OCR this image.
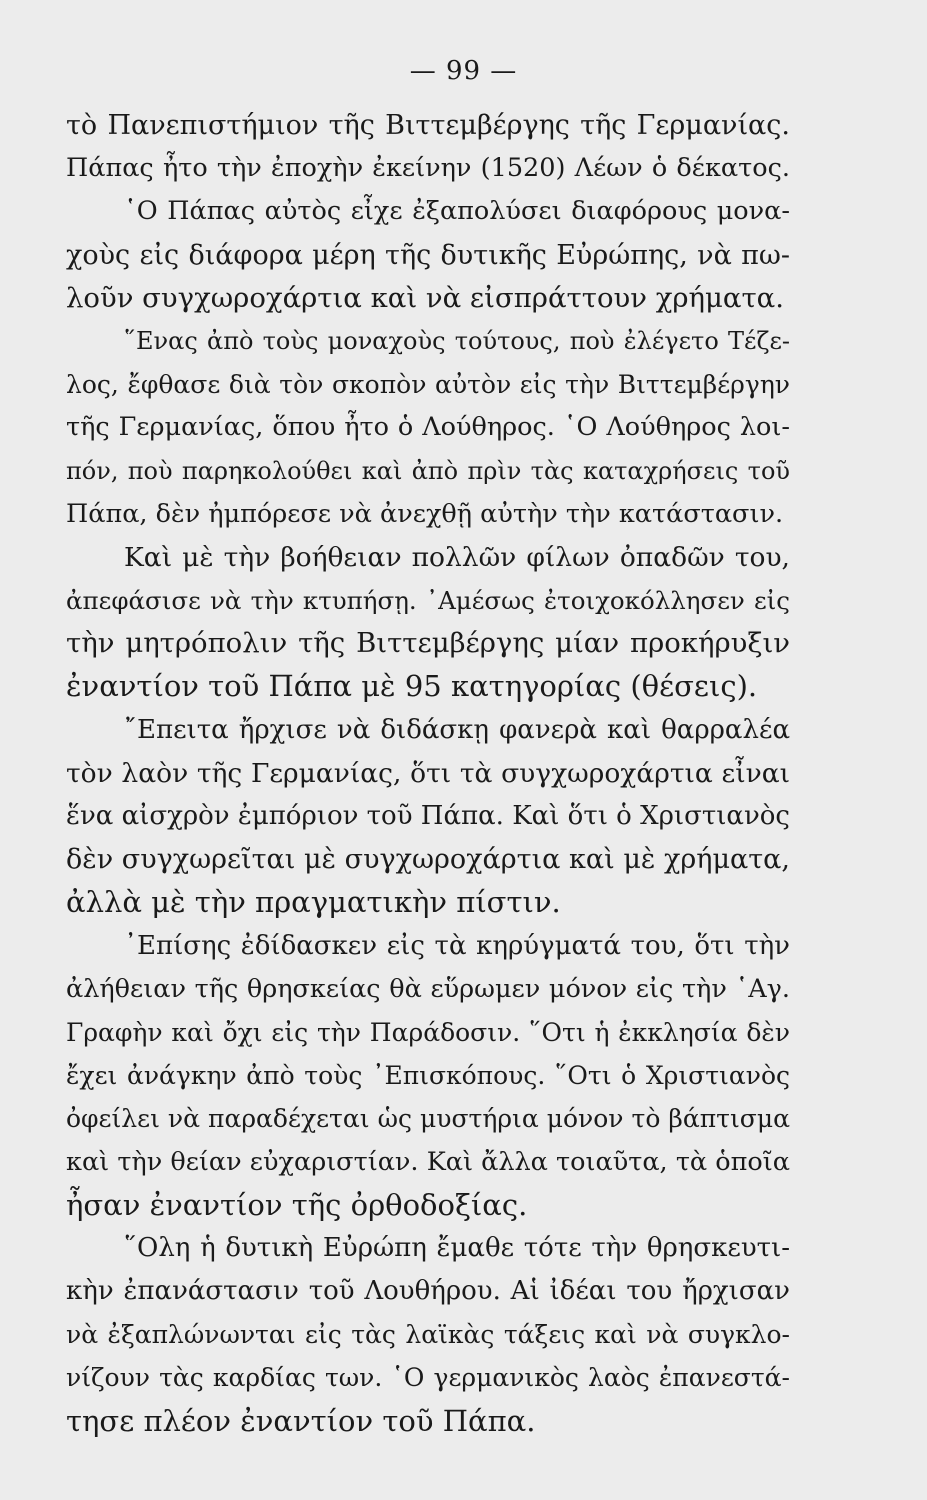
— 99 —
τὸ Πανεπιστήμιον τῆς Βιττεμβέργης τῆς Γερμανίας.
Πάπας ἦτο τὴν ἐποχὴν ἐκείνην (1520) Λέων ὁ δέκατος.
῾Ο Πάπας αὐτὸς εἶχε ἐξαπολύσει διαφόρους μονα-
χοὺς εἰς διάφορα μέρη τῆς δυτικῆς Εὐρώπης, νὰ πω-
λοῦν συγχωροχάρτια καὶ νὰ εἰσπράττουν χρήματα.
῞Ενας ἀπὸ τοὺς μοναχοὺς τούτους, ποὺ ἐλέγετο Τέζε-
λος, ἔφθασε διὰ τὸν σκοπὸν αὐτὸν εἰς τὴν Βιττεμβέργην
τῆς Γερμανίας, ὅπου ἦτο ὁ Λούθηρος. ῾Ο Λούθηρος λοι-
πόν, ποὺ παρηκολούθει καὶ ἀπὸ πρὶν τὰς καταχρήσεις τοῦ
Πάπα, δὲν ἠμπόρεσε νὰ ἀνεχθῇ αὐτὴν τὴν κατάστασιν.
Καὶ μὲ τὴν βοήθειαν πολλῶν φίλων ὀπαδῶν του,
ἀπεφάσισε νὰ τὴν κτυπήσῃ. ᾿Αμέσως ἐτοιχοκόλλησεν εἰς
τὴν μητρόπολιν τῆς Βιττεμβέργης μίαν προκήρυξιν
ἐναντίον τοῦ Πάπα μὲ 95 κατηγορίας (θέσεις).
῎Επειτα ἤρχισε νὰ διδάσκῃ φανερὰ καὶ θαρραλέα
τὸν λαὸν τῆς Γερμανίας, ὅτι τὰ συγχωροχάρτια εἶναι
ἕνα αἰσχρὸν ἐμπόριον τοῦ Πάπα. Καὶ ὅτι ὁ Χριστιανὸς
δὲν συγχωρεῖται μὲ συγχωροχάρτια καὶ μὲ χρήματα,
ἀλλὰ μὲ τὴν πραγματικὴν πίστιν.
᾿Επίσης ἐδίδασκεν εἰς τὰ κηρύγματά του, ὅτι τὴν
ἀλήθειαν τῆς θρησκείας θὰ εὕρωμεν μόνον εἰς τὴν ῾Αγ.
Γραφὴν καὶ ὄχι εἰς τὴν Παράδοσιν. ῞Οτι ἡ ἐκκλησία δὲν
ἔχει ἀνάγκην ἀπὸ τοὺς ᾿Επισκόπους. ῞Οτι ὁ Χριστιανὸς
ὀφείλει νὰ παραδέχεται ὡς μυστήρια μόνον τὸ βάπτισμα
καὶ τὴν θείαν εὐχαριστίαν. Καὶ ἄλλα τοιαῦτα, τὰ ὁποῖα
ἦσαν ἐναντίον τῆς ὀρθοδοξίας.
῞Ολη ἡ δυτικὴ Εὐρώπη ἔμαθε τότε τὴν θρησκευτι-
κὴν ἐπανάστασιν τοῦ Λουθήρου. Αἱ ἰδέαι του ἤρχισαν
νὰ ἐξαπλώνωνται εἰς τὰς λαϊκὰς τάξεις καὶ νὰ συγκλο-
νίζουν τὰς καρδίας των. ῾Ο γερμανικὸς λαὸς ἐπανεστά-
τησε πλέον ἐναντίον τοῦ Πάπα.
